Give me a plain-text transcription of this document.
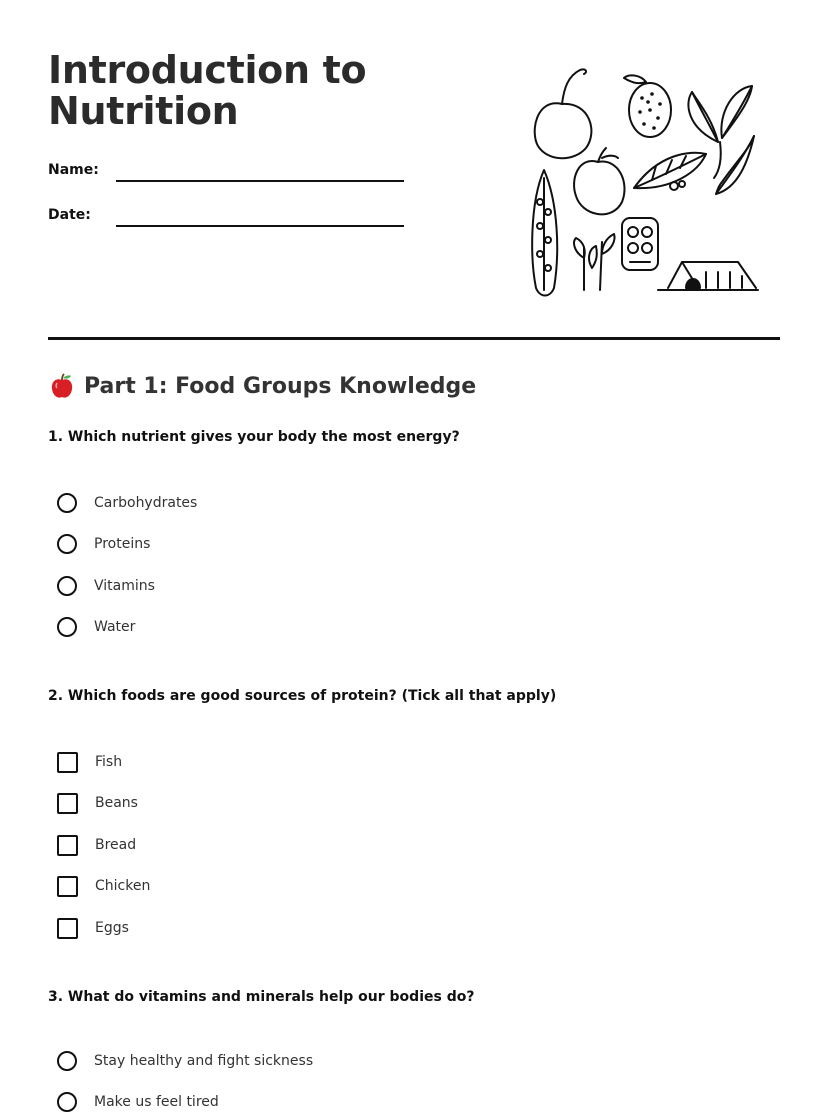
Introduction to
Nutrition
Name:
Date:
Part 1: Food Groups Knowledge

1. Which nutrient gives your body the most energy?

Carbohydrates
Proteins
Vitamins
Water

2. Which foods are good sources of protein? (Tick all that apply)

Fish
Beans
Bread
Chicken
Eggs

3. What do vitamins and minerals help our bodies do?

Stay healthy and fight sickness
Make us feel tired
